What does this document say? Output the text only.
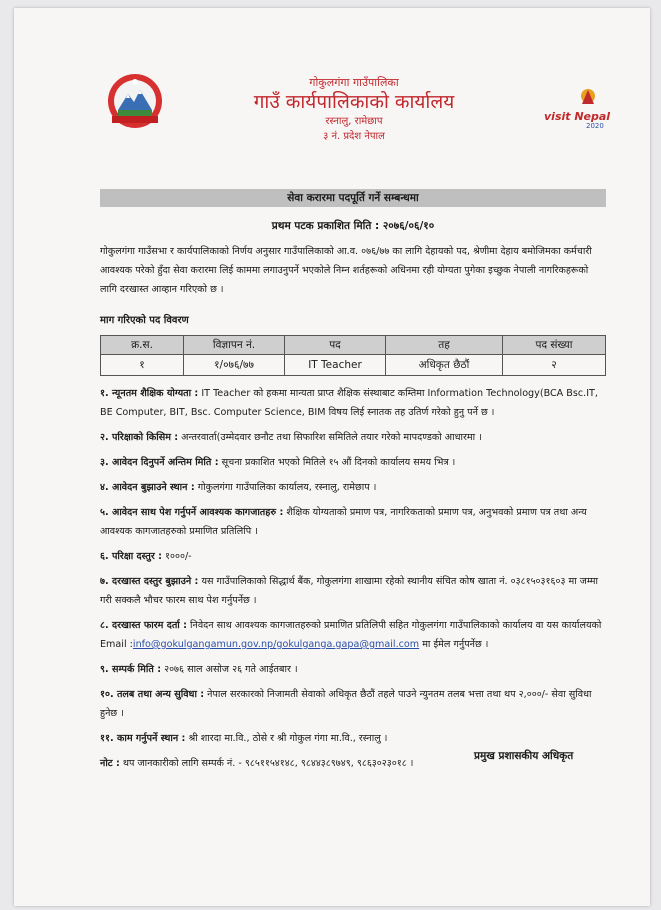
गोकुलगंगा गाउँपालिका
गाउँ कार्यपालिकाको कार्यालय
रस्नालु, रामेछाप
३ नं. प्रदेश नेपाल
visit Nepal
2020
सेवा करारमा पदपूर्ति गर्ने सम्बन्धमा
प्रथम पटक प्रकाशित मिति : २०७६/०६/१०
गोकुलगंगा गाउँसभा र कार्यपालिकाको निर्णय अनुसार गाउँपालिकाको आ.व. ०७६/७७ का लागि देहायको पद, श्रेणीमा देहाय बमोजिमका कर्मचारी आवश्यक परेको हुँदा सेवा करारमा लिई काममा लगाउनुपर्ने भएकोले निम्न शर्तहरूको अधिनमा रही योग्यता पुगेका इच्छुक नेपाली नागरिकहरूको लागि दरखास्त आव्हान गरिएको छ ।
माग गरिएको पद विवरण
क्र.स.	विज्ञापन नं.	पद	तह	पद संख्या
१	१/०७६/७७	IT Teacher	अधिकृत छैठौं	२
१. न्यूनतम शैक्षिक योग्यता : IT Teacher को हकमा मान्यता प्राप्त शैक्षिक संस्थाबाट कम्तिमा Information Technology(BCA Bsc.IT, BE Computer, BIT, Bsc. Computer Science, BIM विषय लिई स्नातक तह उतिर्ण गरेको हुनु पर्ने छ ।
२. परिक्षाको किसिम : अन्तरवार्ता(उम्मेदवार छनौट तथा सिफारिश समितिले तयार गरेको मापदण्डको आधारमा ।
३. आवेदन दिनुपर्ने अन्तिम मिति : सूचना प्रकाशित भएको मितिले १५ औं दिनको कार्यालय समय भित्र ।
४. आवेदन बुझाउने स्थान : गोकुलगंगा गाउँपालिका कार्यालय, रस्नालु, रामेछाप ।
५. आवेदन साथ पेश गर्नुपर्ने आवश्यक कागजातहरु : शैक्षिक योग्यताको प्रमाण पत्र, नागरिकताको प्रमाण पत्र, अनुभवको प्रमाण पत्र तथा अन्य आवश्यक कागजातहरुको प्रमाणित प्रतिलिपि ।
६. परिक्षा दस्तुर : १०००/-
७. दरखास्त दस्तुर बुझाउने : यस गाउँपालिकाको सिद्धार्थ बैंक, गोकुलगंगा शाखामा रहेको स्थानीय संचित कोष खाता नं. ०३८१५०३१६०३ मा जम्मा गरी सक्कलै भौचर फारम साथ पेश गर्नुपर्नेछ ।
८. दरखास्त फारम दर्ता : निवेदन साथ आवश्यक कागजातहरुको प्रमाणित प्रतिलिपी सहित गोकुलगंगा गाउँपालिकाको कार्यालय वा यस कार्यालयको Email :info@gokulgangamun.gov.np/gokulganga.gapa@gmail.com मा ईमेल गर्नुपर्नेछ ।
९. सम्पर्क मिति : २०७६ साल असोज २६ गते आईतबार ।
१०. तलब तथा अन्य सुविधा : नेपाल सरकारको निजामती सेवाको अधिकृत छैठौं तहले पाउने न्युनतम तलब भत्ता तथा थप २,०००/- सेवा सुविधा हुनेछ ।
११. काम गर्नुपर्ने स्थान : श्री शारदा मा.वि., ठोसे र श्री गोकुल गंगा मा.वि., रस्नालु ।
नोट : थप जानकारीको लागि सम्पर्क नं. - ९८५११५४१४८, ९८४४३८९७४९, ९८६३०२३०१८ ।
प्रमुख प्रशासकीय अधिकृत
